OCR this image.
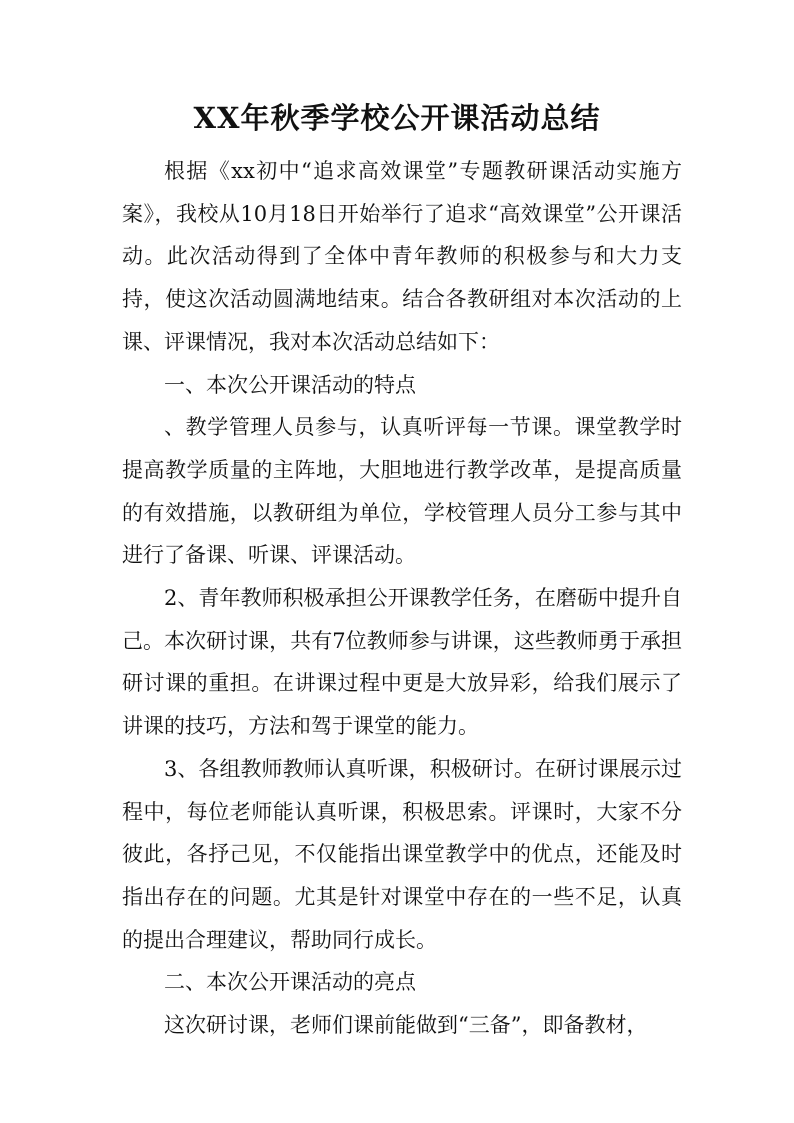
XX年秋季学校公开课活动总结

根据《xx初中“追求高效课堂”专题教研课活动实施方案》，我校从10月18日开始举行了追求“高效课堂”公开课活动。此次活动得到了全体中青年教师的积极参与和大力支持，使这次活动圆满地结束。结合各教研组对本次活动的上课、评课情况，我对本次活动总结如下：

一、本次公开课活动的特点

、教学管理人员参与，认真听评每一节课。课堂教学时提高教学质量的主阵地，大胆地进行教学改革，是提高质量的有效措施，以教研组为单位，学校管理人员分工参与其中进行了备课、听课、评课活动。

2、青年教师积极承担公开课教学任务，在磨砺中提升自己。本次研讨课，共有7位教师参与讲课，这些教师勇于承担研讨课的重担。在讲课过程中更是大放异彩，给我们展示了讲课的技巧，方法和驾于课堂的能力。

3、各组教师教师认真听课，积极研讨。在研讨课展示过程中，每位老师能认真听课，积极思索。评课时，大家不分彼此，各抒己见，不仅能指出课堂教学中的优点，还能及时指出存在的问题。尤其是针对课堂中存在的一些不足，认真的提出合理建议，帮助同行成长。

二、本次公开课活动的亮点

这次研讨课，老师们课前能做到“三备”，即备教材，
